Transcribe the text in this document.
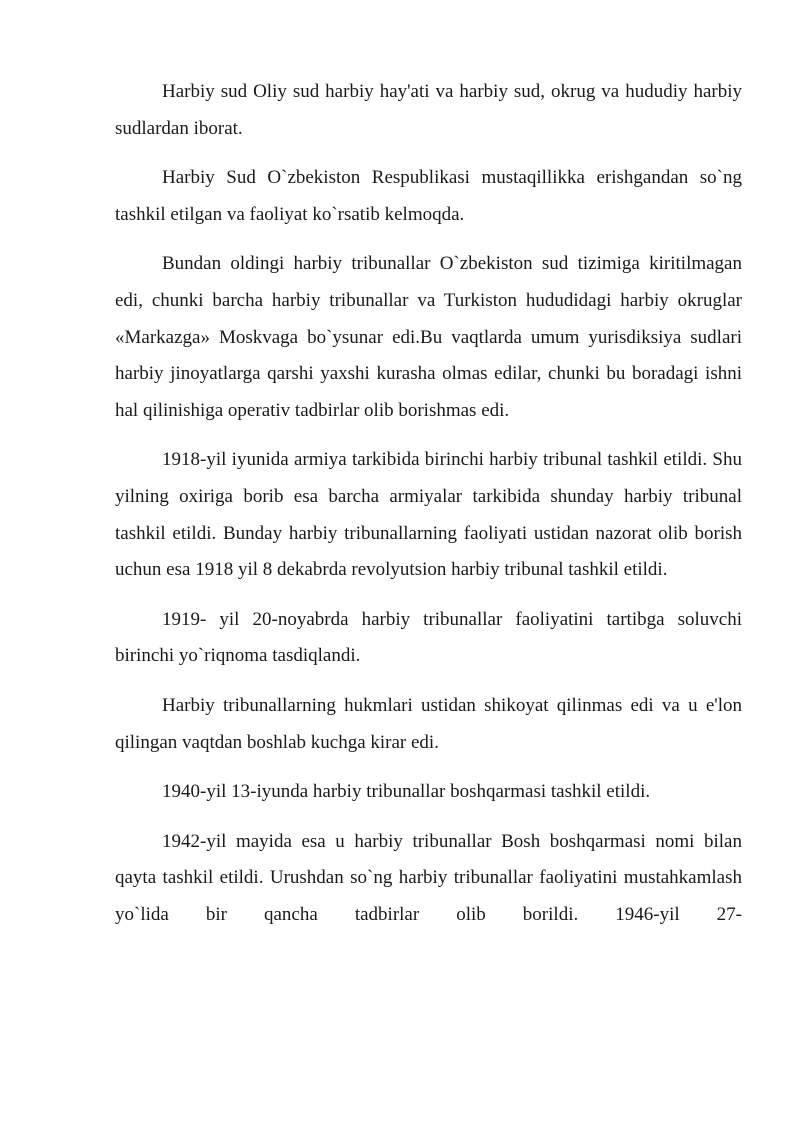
Harbiy sud Oliy sud harbiy hay'ati va harbiy sud, okrug va hududiy harbiy sudlardan iborat.

Harbiy Sud O`zbekiston Respublikasi mustaqillikka erishgandan so`ng tashkil etilgan va faoliyat ko`rsatib kelmoqda.

Bundan oldingi harbiy tribunallar O`zbekiston sud tizimiga kiritilmagan edi, chunki barcha harbiy tribunallar va Turkiston hududidagi harbiy okruglar «Markazga» Moskvaga bo`ysunar edi.Bu vaqtlarda umum yurisdiksiya sudlari harbiy jinoyatlarga qarshi yaxshi kurasha olmas edilar, chunki bu boradagi ishni hal qilinishiga operativ tadbirlar olib borishmas edi.

1918-yil iyunida armiya tarkibida birinchi harbiy tribunal tashkil etildi. Shu yilning oxiriga borib esa barcha armiyalar tarkibida shunday harbiy tribunal tashkil etildi. Bunday harbiy tribunallarning faoliyati ustidan nazorat olib borish uchun esa 1918 yil 8 dekabrda revolyutsion harbiy tribunal tashkil etildi.

1919- yil 20-noyabrda harbiy tribunallar faoliyatini tartibga soluvchi birinchi yo`riqnoma tasdiqlandi.

Harbiy tribunallarning hukmlari ustidan shikoyat qilinmas edi va u e'lon qilingan vaqtdan boshlab kuchga kirar edi.

1940-yil 13-iyunda harbiy tribunallar boshqarmasi tashkil etildi.

1942-yil mayida esa u harbiy tribunallar Bosh boshqarmasi nomi bilan qayta tashkil etildi. Urushdan so`ng harbiy tribunallar faoliyatini mustahkamlash yo`lida bir qancha tadbirlar olib borildi. 1946-yil 27-
